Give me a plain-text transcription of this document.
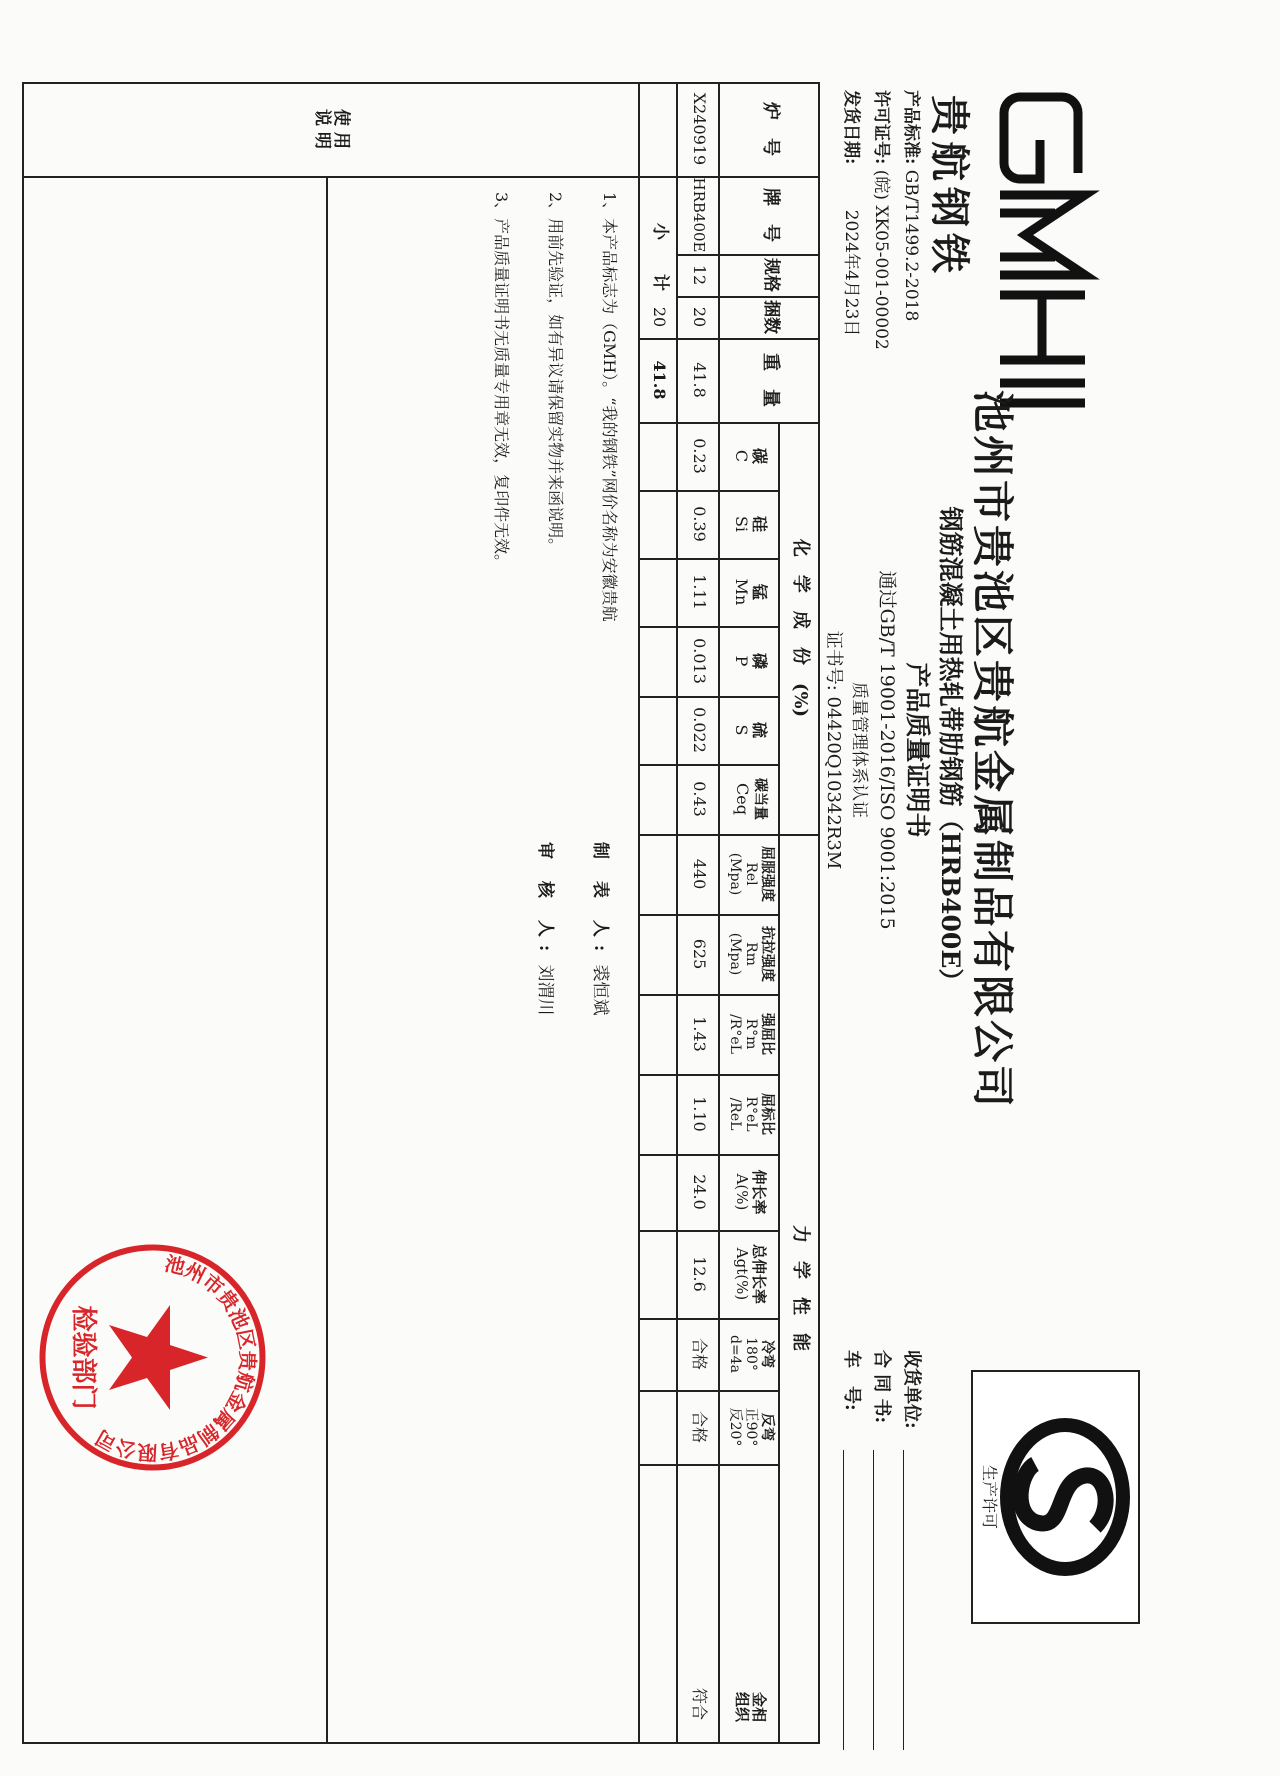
贵航钢铁
产品标准: GB/T1499.2-2018
许可证号: (皖) XK05-001-00002
发货日期: 2024年4月23日
池州市贵池区贵航金属制品有限公司
钢筋混凝土用热轧带肋钢筋（HRB400E）
产品质量证明书
通过GB/T 19001-2016/ISO 9001:2015
质量管理体系认证
证书号: 04420Q10342R3M
生产许可
收货单位:
合 同 书:
车　号:
炉　号
牌　号
规格
捆数
重　量
化　学　成　份　(%)
力　学　性　能
碳
C
硅
Si
锰
Mn
磷
P
硫
S
碳当量
Ceq
屈服强度
Rel
(Mpa)
抗拉强度
Rm
(Mpa)
强屈比
R°m
/R°eL
屈标比
R°eL
/ReL
伸长率
A(%)
总伸长率
Agt(%)
冷弯
180°
d=4a
反弯
正90°
反20°
金相
组织
X240919
HRB400E
12
20
41.8
0.23
0.39
1.11
0.013
0.022
0.43
440
625
1.43
1.10
24.0
12.6
合格
合格
符合
小　　计
20
41.8
使 用
说 明
1、本产品标志为（GMH）。“我的钢铁”网价名称为安徽贵航
2、用前先验证，如有异议请保留实物并来函说明。
3、产品质量证明书无质量专用章无效，复印件无效。
制 表 人: 裘恒斌
审 核 人: 刘渭川
池州市贵池区贵航金属制品有限公司
检验部门
